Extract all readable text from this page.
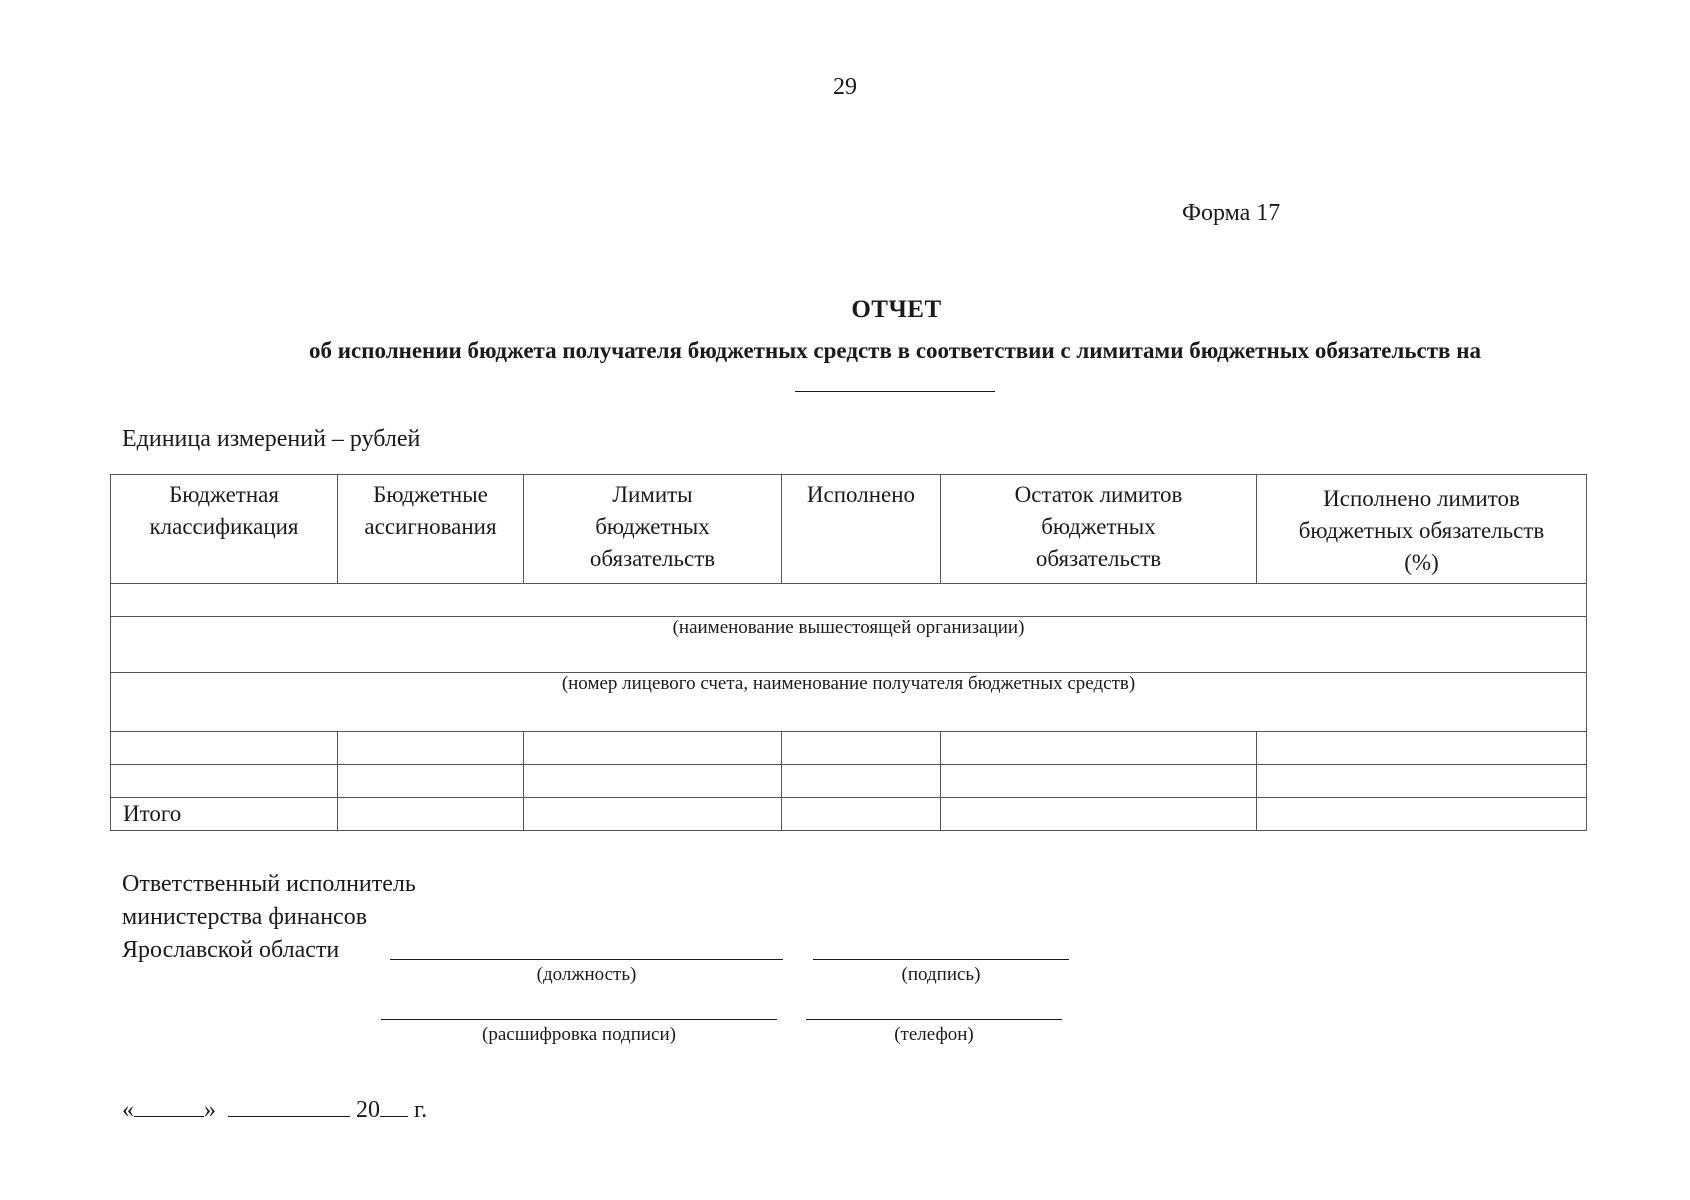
29
Форма 17
ОТЧЕТ
об исполнении бюджета получателя бюджетных средств в соответствии с лимитами бюджетных обязательств на
Единица измерений – рублей
Бюджетная классификация	Бюджетные ассигнования	Лимиты бюджетных обязательств	Исполнено	Остаток лимитов бюджетных обязательств	Исполнено лимитов бюджетных обязательств (%)

(наименование вышестоящей организации)					
(номер лицевого счета, наименование получателя бюджетных средств)					

Итого					
Ответственный исполнитель
министерства финансов
Ярославской области
(должность)	(подпись)
(расшифровка подписи)	(телефон)
«	»	20 г.
